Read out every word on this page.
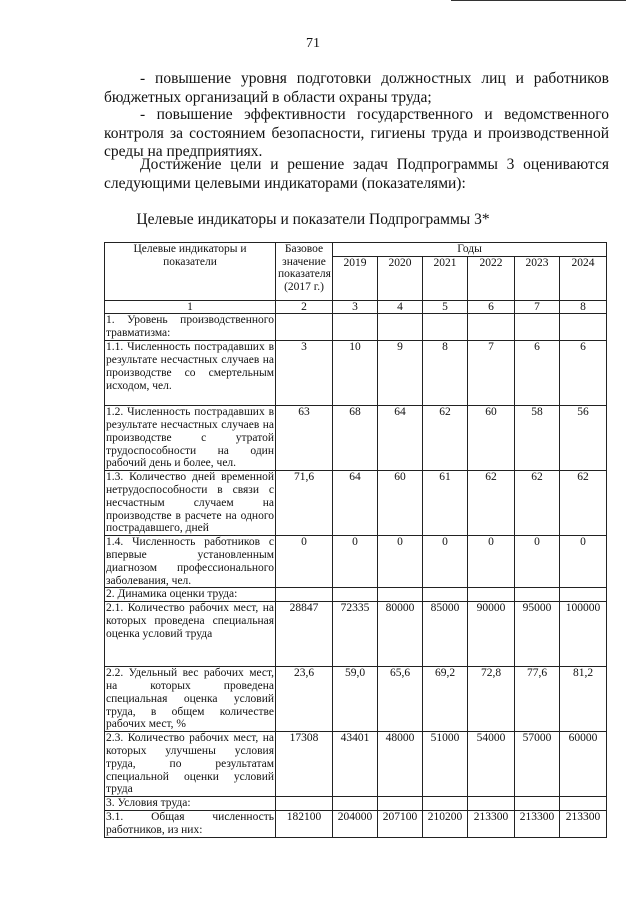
71
- повышение уровня подготовки должностных лиц и работников бюджетных организаций в области охраны труда;
- повышение эффективности государственного и ведомственного контроля за состоянием безопасности, гигиены труда и производственной среды на предприятиях.
Достижение цели и решение задач Подпрограммы 3 оцениваются следующими целевыми индикаторами (показателями):
Целевые индикаторы и показатели Подпрограммы 3*
Целевые индикаторы и показатели	Базовое значение показателя (2017 г.)	Годы					
		2019	2020	2021	2022	2023	2024
1	2	3	4	5	6	7	8
1. Уровень производственного травматизма:							
1.1. Численность пострадавших в результате несчастных случаев на производстве со смертельным исходом, чел.	3	10	9	8	7	6	6
1.2. Численность пострадавших в результате несчастных случаев на производстве с утратой трудоспособности на один рабочий день и более, чел.	63	68	64	62	60	58	56
1.3. Количество дней временной нетрудоспособности в связи с несчастным случаем на производстве в расчете на одного пострадавшего, дней	71,6	64	60	61	62	62	62
1.4. Численность работников с впервые установленным диагнозом профессионального заболевания, чел.	0	0	0	0	0	0	0
2. Динамика оценки труда:							
2.1. Количество рабочих мест, на которых проведена специальная оценка условий труда	28847	72335	80000	85000	90000	95000	100000
2.2. Удельный вес рабочих мест, на которых проведена специальная оценка условий труда, в общем количестве рабочих мест, %	23,6	59,0	65,6	69,2	72,8	77,6	81,2
2.3. Количество рабочих мест, на которых улучшены условия труда, по результатам специальной оценки условий труда	17308	43401	48000	51000	54000	57000	60000
3. Условия труда:							
3.1. Общая численность работников, из них:	182100	204000	207100	210200	213300	213300	213300
